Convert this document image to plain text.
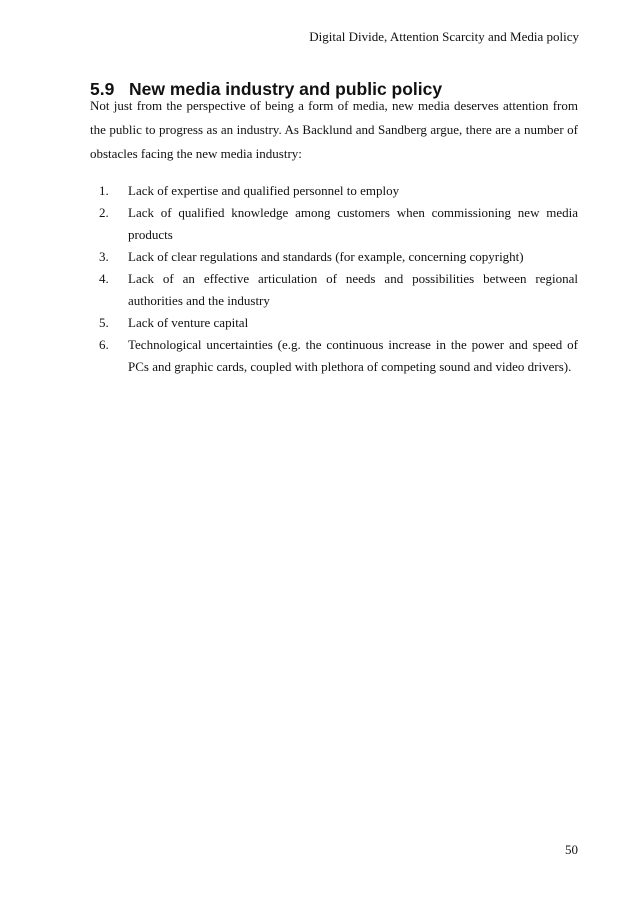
Digital Divide, Attention Scarcity and Media policy
5.9 New media industry and public policy

Not just from the perspective of being a form of media, new media deserves attention from the public to progress as an industry. As Backlund and Sandberg argue, there are a number of obstacles facing the new media industry:

1. Lack of expertise and qualified personnel to employ
2. Lack of qualified knowledge among customers when commissioning new media products
3. Lack of clear regulations and standards (for example, concerning copyright)
4. Lack of an effective articulation of needs and possibilities between regional authorities and the industry
5. Lack of venture capital
6. Technological uncertainties (e.g. the continuous increase in the power and speed of PCs and graphic cards, coupled with plethora of competing sound and video drivers).
50
